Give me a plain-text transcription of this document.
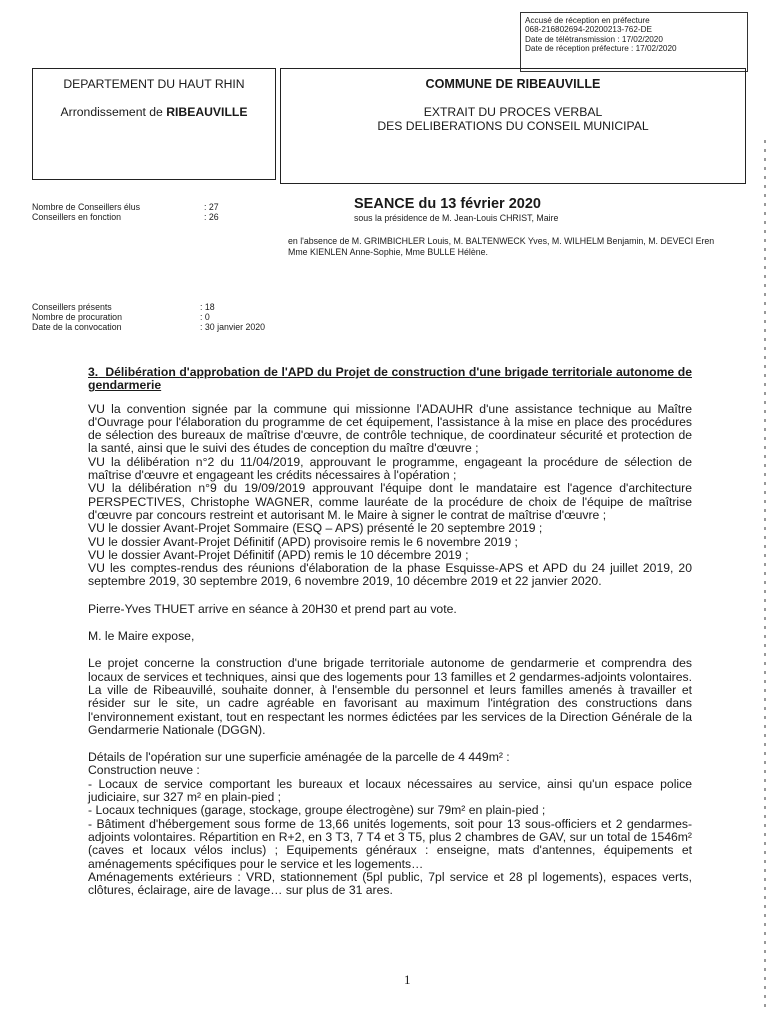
Accusé de réception en préfecture
068-216802694-20200213-762-DE
Date de télétransmission : 17/02/2020
Date de réception préfecture : 17/02/2020
DEPARTEMENT DU HAUT RHIN
Arrondissement de RIBEAUVILLE
COMMUNE DE RIBEAUVILLE
EXTRAIT DU PROCES VERBAL
DES DELIBERATIONS DU CONSEIL MUNICIPAL
Nombre de Conseillers élus	: 27
Conseillers en fonction	: 26
SEANCE du 13 février 2020
sous la présidence de M. Jean-Louis CHRIST, Maire
en l'absence de M. GRIMBICHLER Louis, M. BALTENWECK Yves, M. WILHELM Benjamin, M. DEVECI Eren
Mme KIENLEN Anne-Sophie, Mme BULLE Hélène.
Conseillers présents	: 18
Nombre de procuration	: 0
Date de la convocation	: 30 janvier 2020
3. Délibération d'approbation de l'APD du Projet de construction d'une brigade territoriale autonome de gendarmerie
VU la convention signée par la commune qui missionne l'ADAUHR d'une assistance technique au Maître d'Ouvrage pour l'élaboration du programme de cet équipement, l'assistance à la mise en place des procédures de sélection des bureaux de maîtrise d'œuvre, de contrôle technique, de coordinateur sécurité et protection de la santé, ainsi que le suivi des études de conception du maître d'œuvre ;
VU la délibération n°2 du 11/04/2019, approuvant le programme, engageant la procédure de sélection de maîtrise d'œuvre et engageant les crédits nécessaires à l'opération ;
VU la délibération n°9 du 19/09/2019 approuvant l'équipe dont le mandataire est l'agence d'architecture PERSPECTIVES, Christophe WAGNER, comme lauréate de la procédure de choix de l'équipe de maîtrise d'œuvre par concours restreint et autorisant M. le Maire à signer le contrat de maîtrise d'œuvre ;
VU le dossier Avant-Projet Sommaire (ESQ – APS) présenté le 20 septembre 2019 ;
VU le dossier Avant-Projet Définitif (APD) provisoire remis le 6 novembre 2019 ;
VU le dossier Avant-Projet Définitif (APD) remis le 10 décembre 2019 ;
VU les comptes-rendus des réunions d'élaboration de la phase Esquisse-APS et APD du 24 juillet 2019, 20 septembre 2019, 30 septembre 2019, 6 novembre 2019, 10 décembre 2019 et 22 janvier 2020.
Pierre-Yves THUET arrive en séance à 20H30 et prend part au vote.
M. le Maire expose,
Le projet concerne la construction d'une brigade territoriale autonome de gendarmerie et comprendra des locaux de services et techniques, ainsi que des logements pour 13 familles et 2 gendarmes-adjoints volontaires. La ville de Ribeauvillé, souhaite donner, à l'ensemble du personnel et leurs familles amenés à travailler et résider sur le site, un cadre agréable en favorisant au maximum l'intégration des constructions dans l'environnement existant, tout en respectant les normes édictées par les services de la Direction Générale de la Gendarmerie Nationale (DGGN).
Détails de l'opération sur une superficie aménagée de la parcelle de 4 449m² :
Construction neuve :
- Locaux de service comportant les bureaux et locaux nécessaires au service, ainsi qu'un espace police judiciaire, sur 327 m² en plain-pied ;
- Locaux techniques (garage, stockage, groupe électrogène) sur 79m² en plain-pied ;
- Bâtiment d'hébergement sous forme de 13,66 unités logements, soit pour 13 sous-officiers et 2 gendarmes-adjoints volontaires. Répartition en R+2, en 3 T3, 7 T4 et 3 T5, plus 2 chambres de GAV, sur un total de 1546m² (caves et locaux vélos inclus) ; Equipements généraux : enseigne, mats d'antennes, équipements et aménagements spécifiques pour le service et les logements…
Aménagements extérieurs : VRD, stationnement (5pl public, 7pl service et 28 pl logements), espaces verts, clôtures, éclairage, aire de lavage… sur plus de 31 ares.
1
